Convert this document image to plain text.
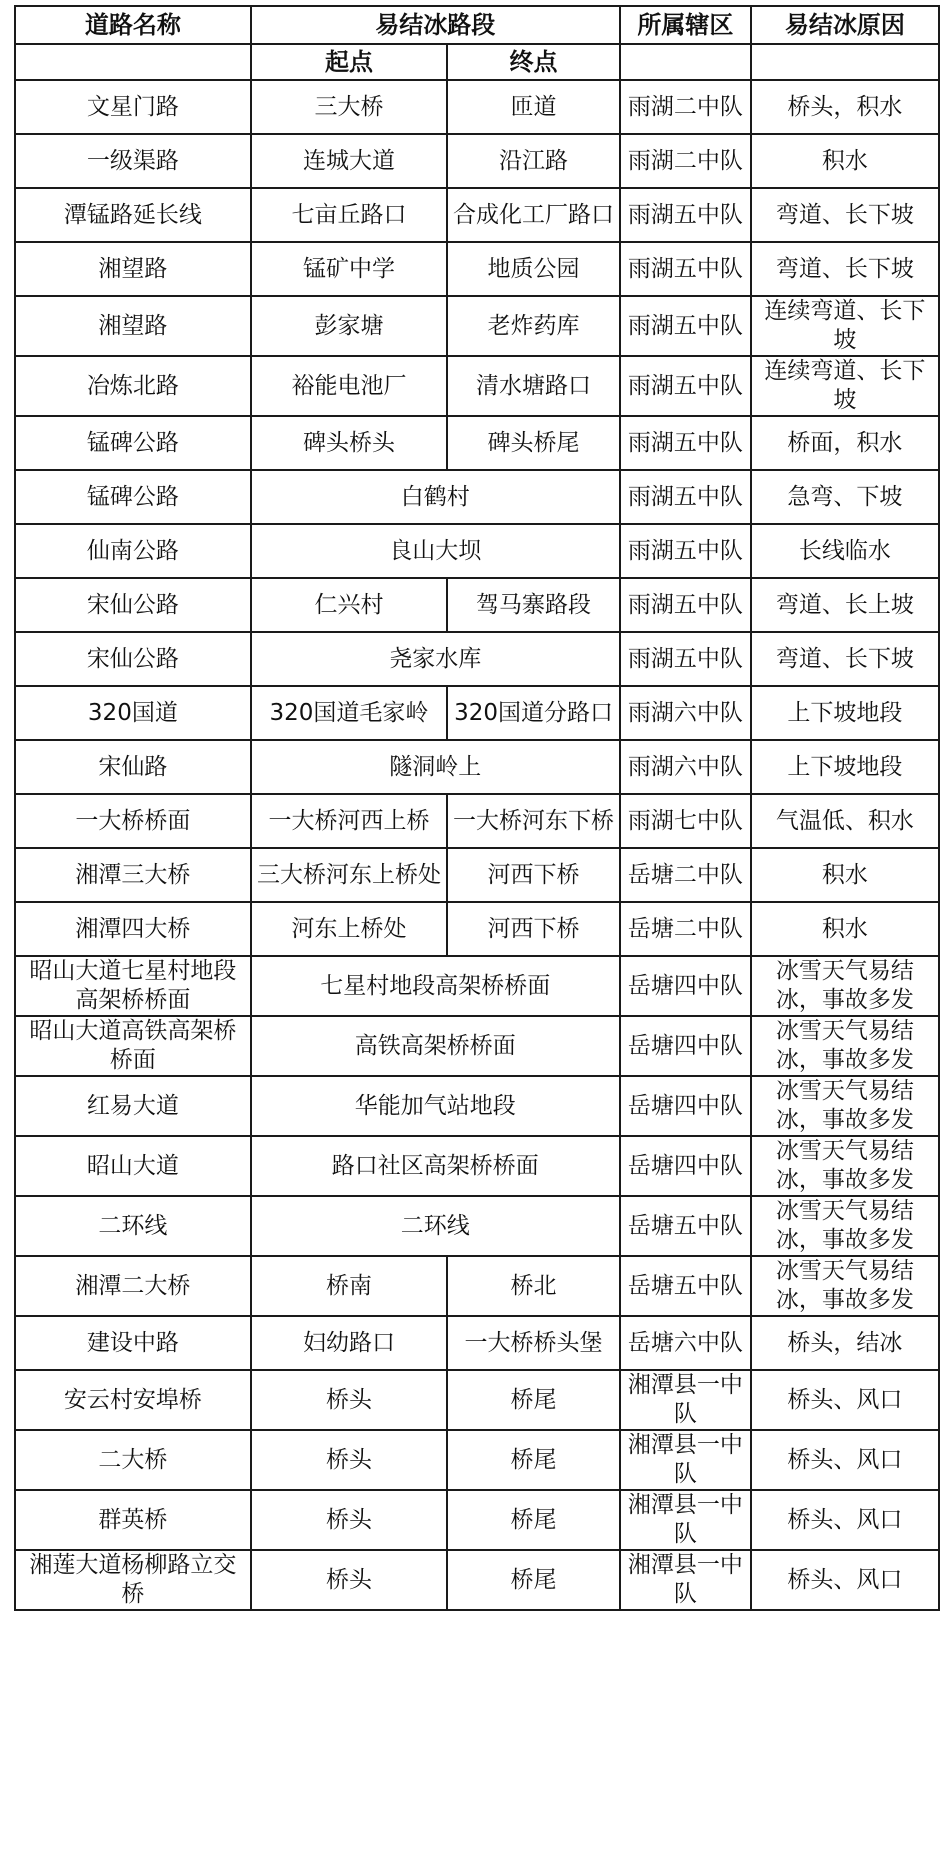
道路名称	易结冰路段		所属辖区	易结冰原因
	起点	终点		
文星门路	三大桥	匝道	雨湖二中队	桥头，积水
一级渠路	连城大道	沿江路	雨湖二中队	积水
潭锰路延长线	七亩丘路口	合成化工厂路口	雨湖五中队	弯道、长下坡
湘望路	锰矿中学	地质公园	雨湖五中队	弯道、长下坡
湘望路	彭家塘	老炸药库	雨湖五中队	连续弯道、长下坡
冶炼北路	裕能电池厂	清水塘路口	雨湖五中队	连续弯道、长下坡
锰碑公路	碑头桥头	碑头桥尾	雨湖五中队	桥面，积水
锰碑公路	白鹤村		雨湖五中队	急弯、下坡
仙南公路	良山大坝		雨湖五中队	长线临水
宋仙公路	仁兴村	驾马寨路段	雨湖五中队	弯道、长上坡
宋仙公路	尧家水库		雨湖五中队	弯道、长下坡
320国道	320国道毛家岭	320国道分路口	雨湖六中队	上下坡地段
宋仙路	隧洞岭上		雨湖六中队	上下坡地段
一大桥桥面	一大桥河西上桥	一大桥河东下桥	雨湖七中队	气温低、积水
湘潭三大桥	三大桥河东上桥处	河西下桥	岳塘二中队	积水
湘潭四大桥	河东上桥处	河西下桥	岳塘二中队	积水
昭山大道七星村地段高架桥桥面	七星村地段高架桥桥面		岳塘四中队	冰雪天气易结冰，事故多发
昭山大道高铁高架桥桥面	高铁高架桥桥面		岳塘四中队	冰雪天气易结冰，事故多发
红易大道	华能加气站地段		岳塘四中队	冰雪天气易结冰，事故多发
昭山大道	路口社区高架桥桥面		岳塘四中队	冰雪天气易结冰，事故多发
二环线	二环线		岳塘五中队	冰雪天气易结冰，事故多发
湘潭二大桥	桥南	桥北	岳塘五中队	冰雪天气易结冰，事故多发
建设中路	妇幼路口	一大桥桥头堡	岳塘六中队	桥头，结冰
安云村安埠桥	桥头	桥尾	湘潭县一中队	桥头、风口
二大桥	桥头	桥尾	湘潭县一中队	桥头、风口
群英桥	桥头	桥尾	湘潭县一中队	桥头、风口
湘莲大道杨柳路立交桥	桥头	桥尾	湘潭县一中队	桥头、风口
